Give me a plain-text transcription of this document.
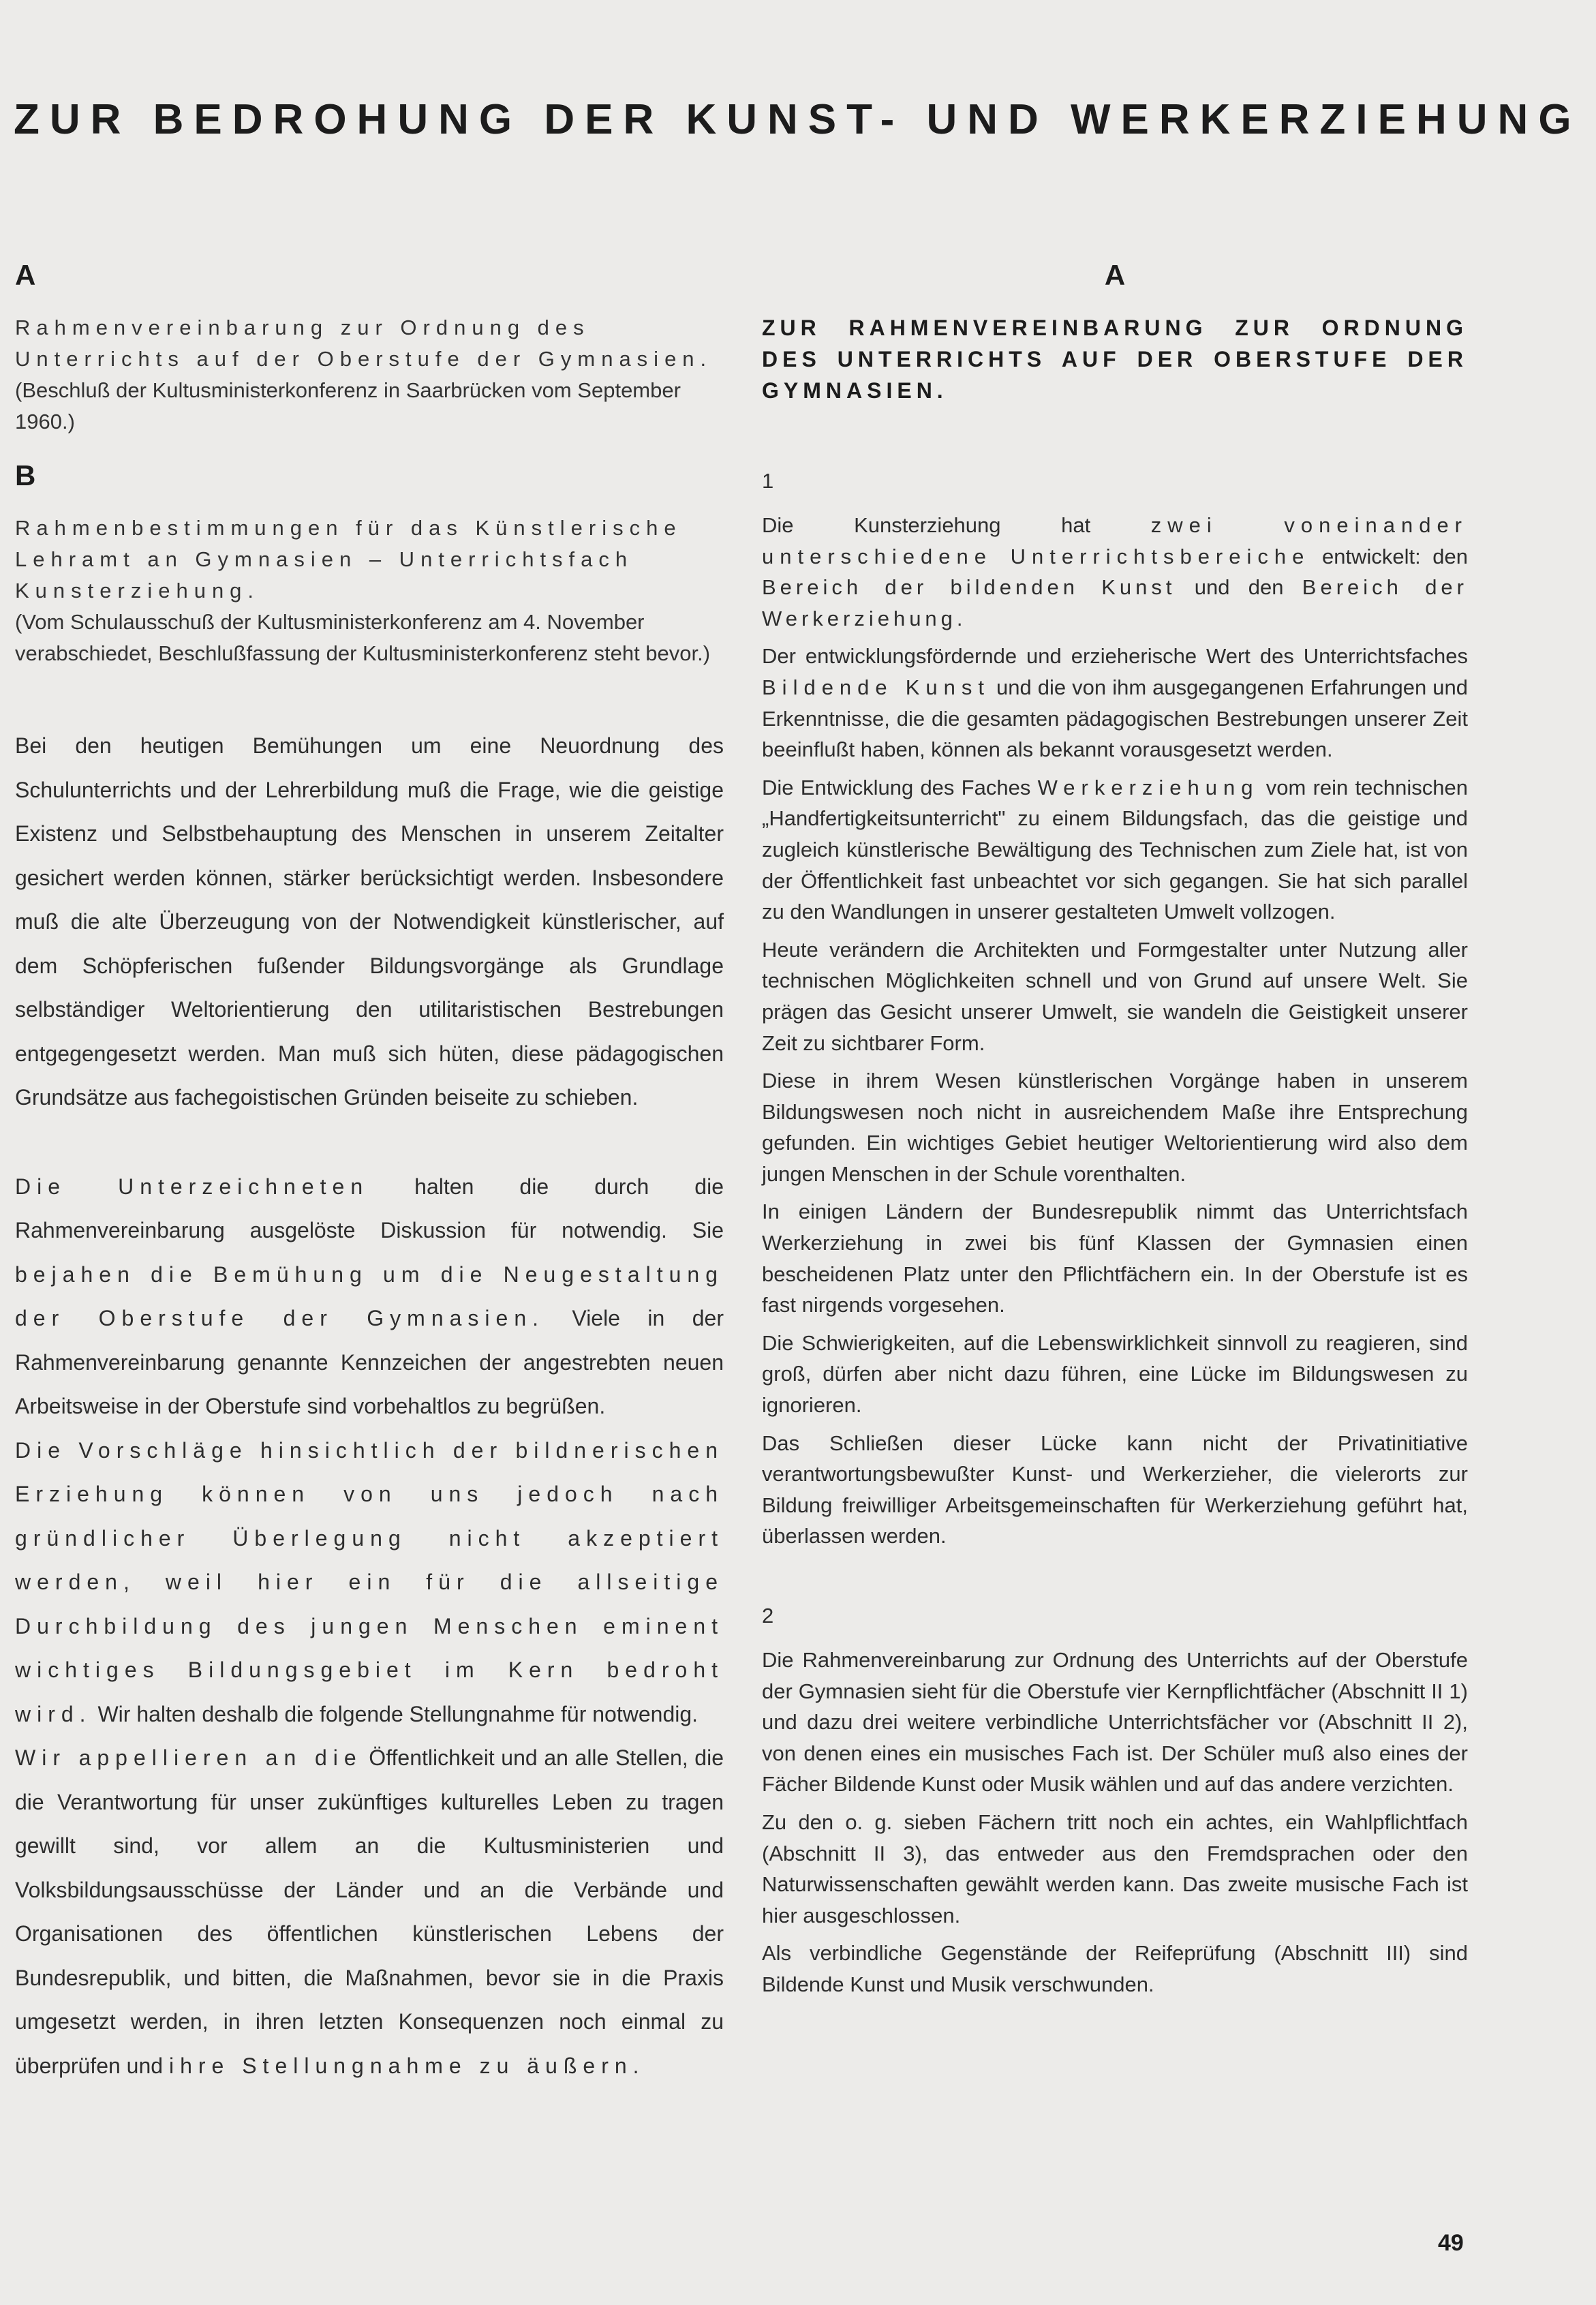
ZUR BEDROHUNG DER KUNST- UND WERKERZIEHUNG
A

Rahmenvereinbarung zur Ordnung des Unterrichts auf der Oberstufe der Gymnasien.

(Beschluß der Kultusministerkonferenz in Saarbrücken vom September 1960.)

B

Rahmenbestimmungen für das Künstlerische Lehramt an Gymnasien – Unterrichtsfach Kunsterziehung.

(Vom Schulausschuß der Kultusministerkonferenz am 4. November verabschiedet, Beschlußfassung der Kultusministerkonferenz steht bevor.)

Bei den heutigen Bemühungen um eine Neuordnung des Schulunterrichts und der Lehrerbildung muß die Frage, wie die geistige Existenz und Selbstbehauptung des Menschen in unserem Zeitalter gesichert werden können, stärker berücksichtigt werden. Insbesondere muß die alte Überzeugung von der Notwendigkeit künstlerischer, auf dem Schöpferischen fußender Bildungsvorgänge als Grundlage selbständiger Weltorientierung den utilitaristischen Bestrebungen entgegengesetzt werden. Man muß sich hüten, diese pädagogischen Grundsätze aus fachegoistischen Gründen beiseite zu schieben.

Die Unterzeichneten halten die durch die Rahmenvereinbarung ausgelöste Diskussion für notwendig. Sie bejahen die Bemühung um die Neugestaltung der Oberstufe der Gymnasien. Viele in der Rahmenvereinbarung genannte Kennzeichen der angestrebten neuen Arbeitsweise in der Oberstufe sind vorbehaltlos zu begrüßen.

Die Vorschläge hinsichtlich der bildnerischen Erziehung können von uns jedoch nach gründlicher Überlegung nicht akzeptiert werden, weil hier ein für die allseitige Durchbildung des jungen Menschen eminent wichtiges Bildungsgebiet im Kern bedroht wird. Wir halten deshalb die folgende Stellungnahme für notwendig.

Wir appellieren an die Öffentlichkeit und an alle Stellen, die die Verantwortung für unser zukünftiges kulturelles Leben zu tragen gewillt sind, vor allem an die Kultusministerien und Volksbildungsausschüsse der Länder und an die Verbände und Organisationen des öffentlichen künstlerischen Lebens der Bundesrepublik, und bitten, die Maßnahmen, bevor sie in die Praxis umgesetzt werden, in ihren letzten Konsequenzen noch einmal zu überprüfen und ihre Stellungnahme zu äußern.

A

ZUR RAHMENVEREINBARUNG ZUR ORDNUNG DES UNTERRICHTS AUF DER OBERSTUFE DER GYMNASIEN.

1

Die Kunsterziehung hat zwei voneinander unterschiedene Unterrichtsbereiche entwickelt: den Bereich der bildenden Kunst und den Bereich der Werkerziehung.

Der entwicklungsfördernde und erzieherische Wert des Unterrichtsfaches Bildende Kunst und die von ihm ausgegangenen Erfahrungen und Erkenntnisse, die die gesamten pädagogischen Bestrebungen unserer Zeit beeinflußt haben, können als bekannt vorausgesetzt werden.

Die Entwicklung des Faches Werkerziehung vom rein technischen „Handfertigkeitsunterricht" zu einem Bildungsfach, das die geistige und zugleich künstlerische Bewältigung des Technischen zum Ziele hat, ist von der Öffentlichkeit fast unbeachtet vor sich gegangen. Sie hat sich parallel zu den Wandlungen in unserer gestalteten Umwelt vollzogen.

Heute verändern die Architekten und Formgestalter unter Nutzung aller technischen Möglichkeiten schnell und von Grund auf unsere Welt. Sie prägen das Gesicht unserer Umwelt, sie wandeln die Geistigkeit unserer Zeit zu sichtbarer Form.

Diese in ihrem Wesen künstlerischen Vorgänge haben in unserem Bildungswesen noch nicht in ausreichendem Maße ihre Entsprechung gefunden. Ein wichtiges Gebiet heutiger Weltorientierung wird also dem jungen Menschen in der Schule vorenthalten.

In einigen Ländern der Bundesrepublik nimmt das Unterrichtsfach Werkerziehung in zwei bis fünf Klassen der Gymnasien einen bescheidenen Platz unter den Pflichtfächern ein. In der Oberstufe ist es fast nirgends vorgesehen.

Die Schwierigkeiten, auf die Lebenswirklichkeit sinnvoll zu reagieren, sind groß, dürfen aber nicht dazu führen, eine Lücke im Bildungswesen zu ignorieren.

Das Schließen dieser Lücke kann nicht der Privatinitiative verantwortungsbewußter Kunst- und Werkerzieher, die vielerorts zur Bildung freiwilliger Arbeitsgemeinschaften für Werkerziehung geführt hat, überlassen werden.

2

Die Rahmenvereinbarung zur Ordnung des Unterrichts auf der Oberstufe der Gymnasien sieht für die Oberstufe vier Kernpflichtfächer (Abschnitt II 1) und dazu drei weitere verbindliche Unterrichtsfächer vor (Abschnitt II 2), von denen eines ein musisches Fach ist. Der Schüler muß also eines der Fächer Bildende Kunst oder Musik wählen und auf das andere verzichten.

Zu den o. g. sieben Fächern tritt noch ein achtes, ein Wahlpflichtfach (Abschnitt II 3), das entweder aus den Fremdsprachen oder den Naturwissenschaften gewählt werden kann. Das zweite musische Fach ist hier ausgeschlossen.

Als verbindliche Gegenstände der Reifeprüfung (Abschnitt III) sind Bildende Kunst und Musik verschwunden.

49
